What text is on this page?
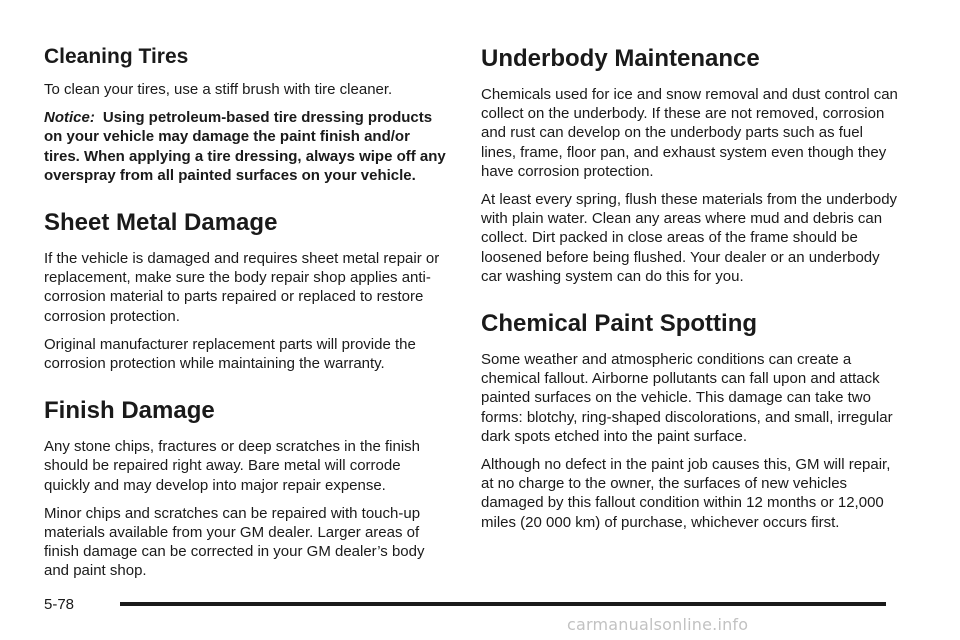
Cleaning Tires

To clean your tires, use a stiff brush with tire cleaner.

Notice: Using petroleum-based tire dressing products on your vehicle may damage the paint finish and/or tires. When applying a tire dressing, always wipe off any overspray from all painted surfaces on your vehicle.

Sheet Metal Damage

If the vehicle is damaged and requires sheet metal repair or replacement, make sure the body repair shop applies anti-corrosion material to parts repaired or replaced to restore corrosion protection.

Original manufacturer replacement parts will provide the corrosion protection while maintaining the warranty.

Finish Damage

Any stone chips, fractures or deep scratches in the finish should be repaired right away. Bare metal will corrode quickly and may develop into major repair expense.

Minor chips and scratches can be repaired with touch-up materials available from your GM dealer. Larger areas of finish damage can be corrected in your GM dealer’s body and paint shop.

Underbody Maintenance

Chemicals used for ice and snow removal and dust control can collect on the underbody. If these are not removed, corrosion and rust can develop on the underbody parts such as fuel lines, frame, floor pan, and exhaust system even though they have corrosion protection.

At least every spring, flush these materials from the underbody with plain water. Clean any areas where mud and debris can collect. Dirt packed in close areas of the frame should be loosened before being flushed. Your dealer or an underbody car washing system can do this for you.

Chemical Paint Spotting

Some weather and atmospheric conditions can create a chemical fallout. Airborne pollutants can fall upon and attack painted surfaces on the vehicle. This damage can take two forms: blotchy, ring-shaped discolorations, and small, irregular dark spots etched into the paint surface.

Although no defect in the paint job causes this, GM will repair, at no charge to the owner, the surfaces of new vehicles damaged by this fallout condition within 12 months or 12,000 miles (20 000 km) of purchase, whichever occurs first.

5-78
carmanualsonline.info
